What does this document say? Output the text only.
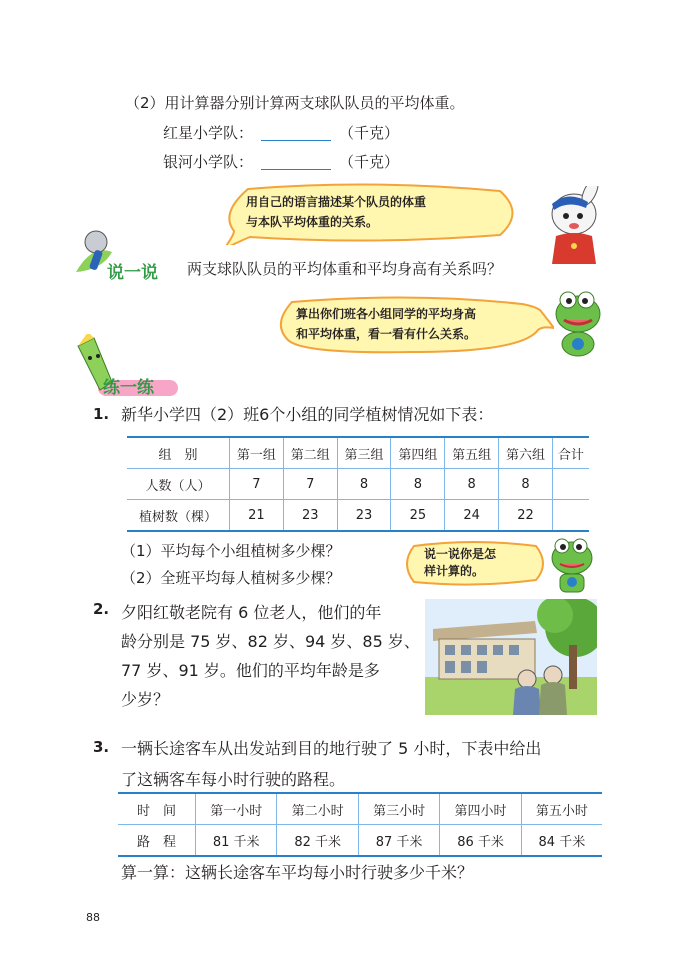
（2）用计算器分别计算两支球队队员的平均体重。
红星小学队：	（千克）
银河小学队：	（千克）
用自己的语言描述某个队员的体重
与本队平均体重的关系。
说一说 两支球队队员的平均体重和平均身高有关系吗？
算出你们班各小组同学的平均身高
和平均体重，看一看有什么关系。
练一练
1. 新华小学四（2）班6个小组的同学植树情况如下表：
组　别	第一组	第二组	第三组	第四组	第五组	第六组	合计
人数（人）	7	7	8	8	8	8	
植树数（棵）	21	23	23	25	24	22	
（1）平均每个小组植树多少棵？
（2）全班平均每人植树多少棵？
说一说你是怎
样计算的。
2. 夕阳红敬老院有 6 位老人，他们的年
龄分别是 75 岁、82 岁、94 岁、85 岁、
77 岁、91 岁。他们的平均年龄是多
少岁？
3. 一辆长途客车从出发站到目的地行驶了 5 小时，下表中给出
了这辆客车每小时行驶的路程。
时　间	第一小时	第二小时	第三小时	第四小时	第五小时
路　程	81 千米	82 千米	87 千米	86 千米	84 千米
算一算：这辆长途客车平均每小时行驶多少千米？
88
